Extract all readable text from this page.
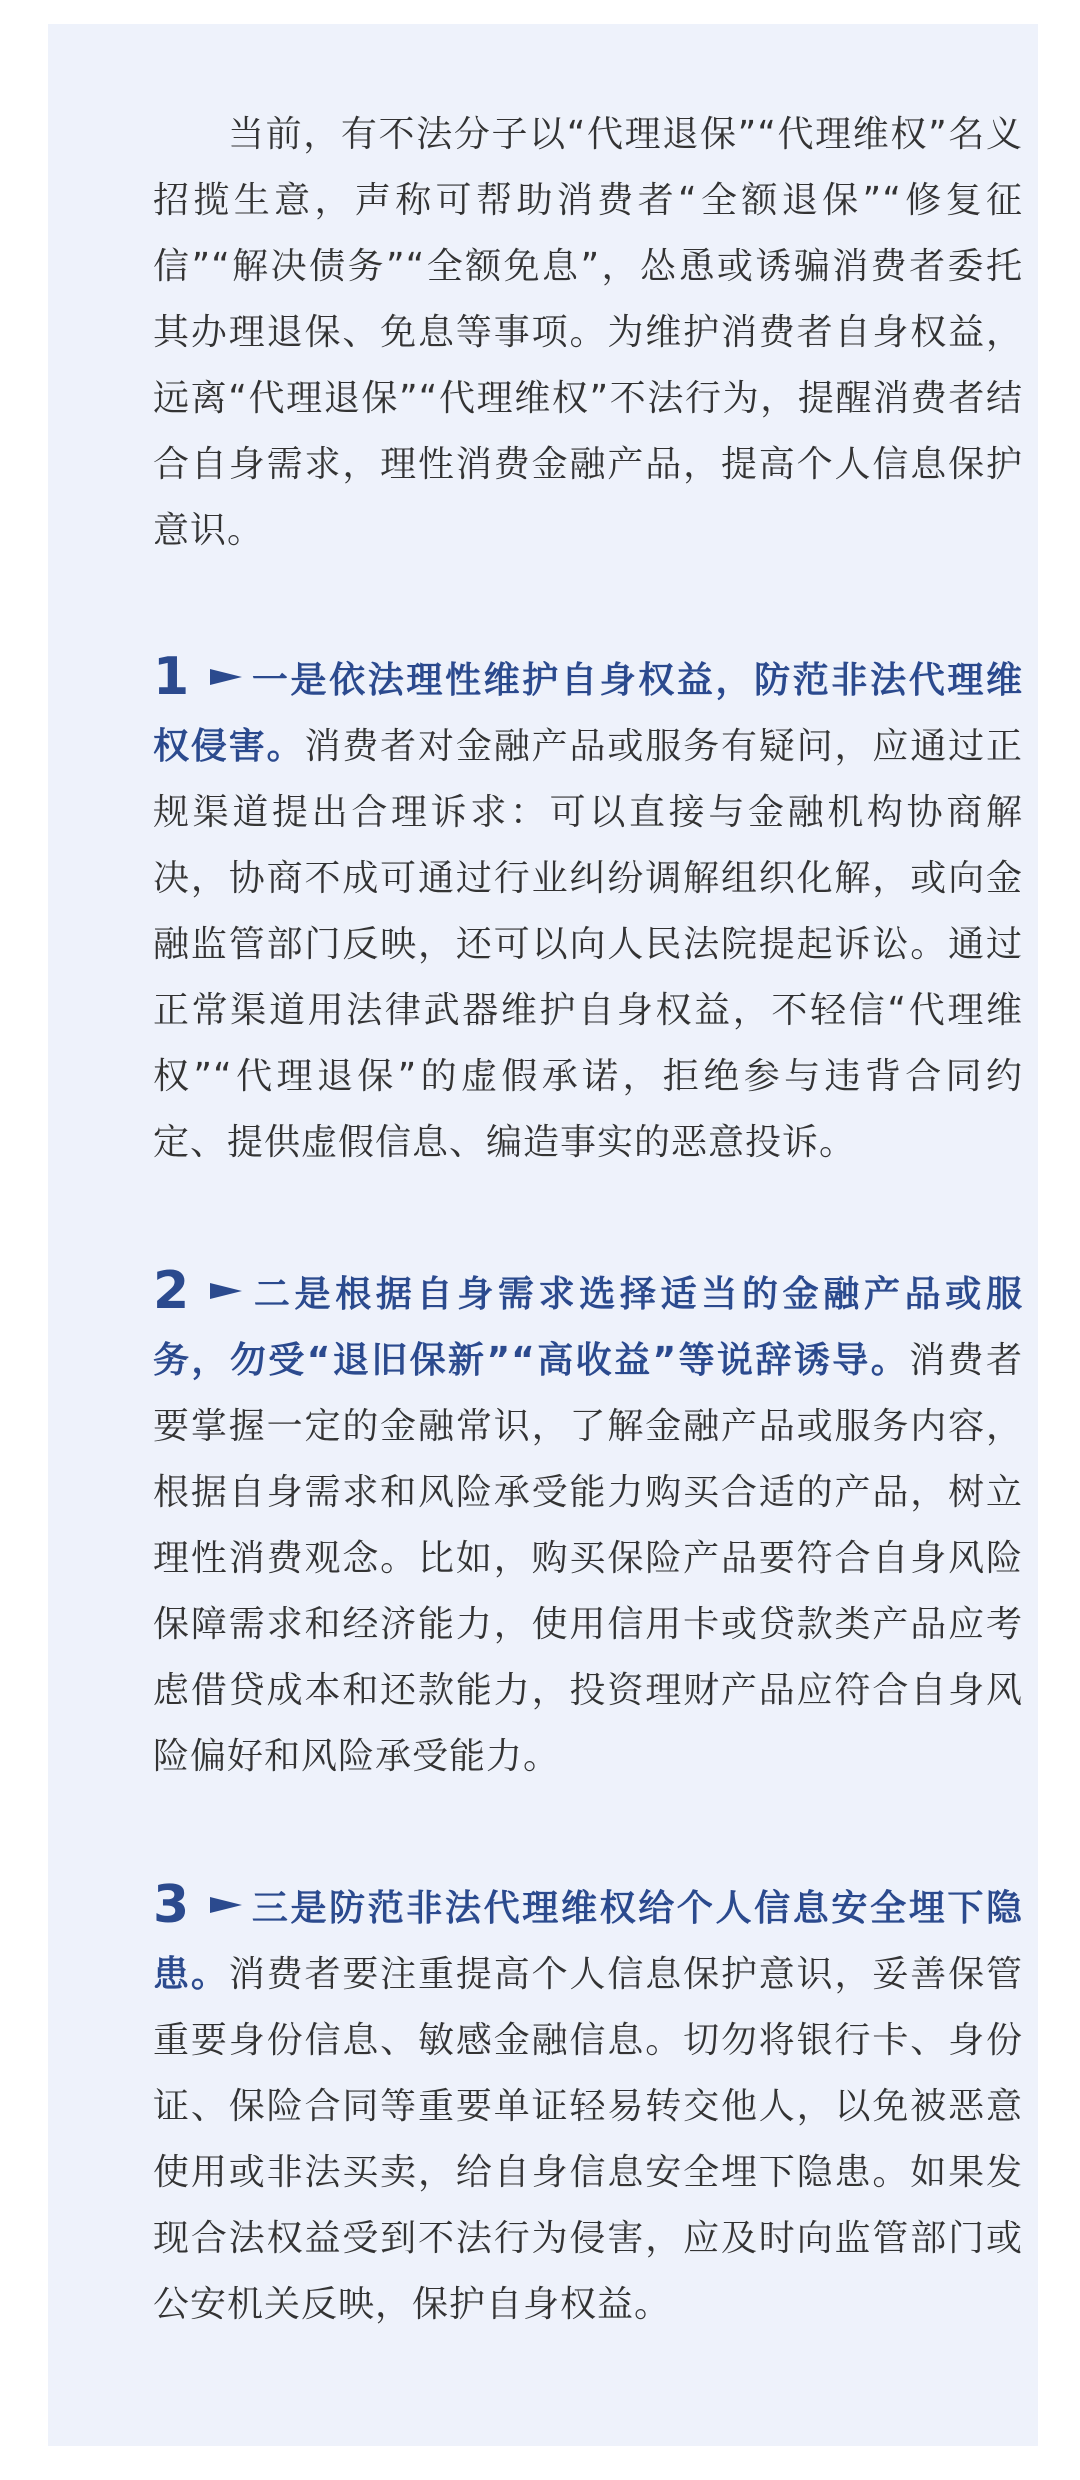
当前，有不法分子以“代理退保”“代理维权”名义招揽生意，声称可帮助消费者“全额退保”“修复征信”“解决债务”“全额免息”，怂恿或诱骗消费者委托其办理退保、免息等事项。为维护消费者自身权益，远离“代理退保”“代理维权”不法行为，提醒消费者结合自身需求，理性消费金融产品，提高个人信息保护意识。

1 一是依法理性维护自身权益，防范非法代理维权侵害。消费者对金融产品或服务有疑问，应通过正规渠道提出合理诉求：可以直接与金融机构协商解决，协商不成可通过行业纠纷调解组织化解，或向金融监管部门反映，还可以向人民法院提起诉讼。通过正常渠道用法律武器维护自身权益，不轻信“代理维权”“代理退保”的虚假承诺，拒绝参与违背合同约定、提供虚假信息、编造事实的恶意投诉。

2 二是根据自身需求选择适当的金融产品或服务，勿受“退旧保新”“高收益”等说辞诱导。消费者要掌握一定的金融常识，了解金融产品或服务内容，根据自身需求和风险承受能力购买合适的产品，树立理性消费观念。比如，购买保险产品要符合自身风险保障需求和经济能力，使用信用卡或贷款类产品应考虑借贷成本和还款能力，投资理财产品应符合自身风险偏好和风险承受能力。

3 三是防范非法代理维权给个人信息安全埋下隐患。消费者要注重提高个人信息保护意识，妥善保管重要身份信息、敏感金融信息。切勿将银行卡、身份证、保险合同等重要单证轻易转交他人，以免被恶意使用或非法买卖，给自身信息安全埋下隐患。如果发现合法权益受到不法行为侵害，应及时向监管部门或公安机关反映，保护自身权益。
